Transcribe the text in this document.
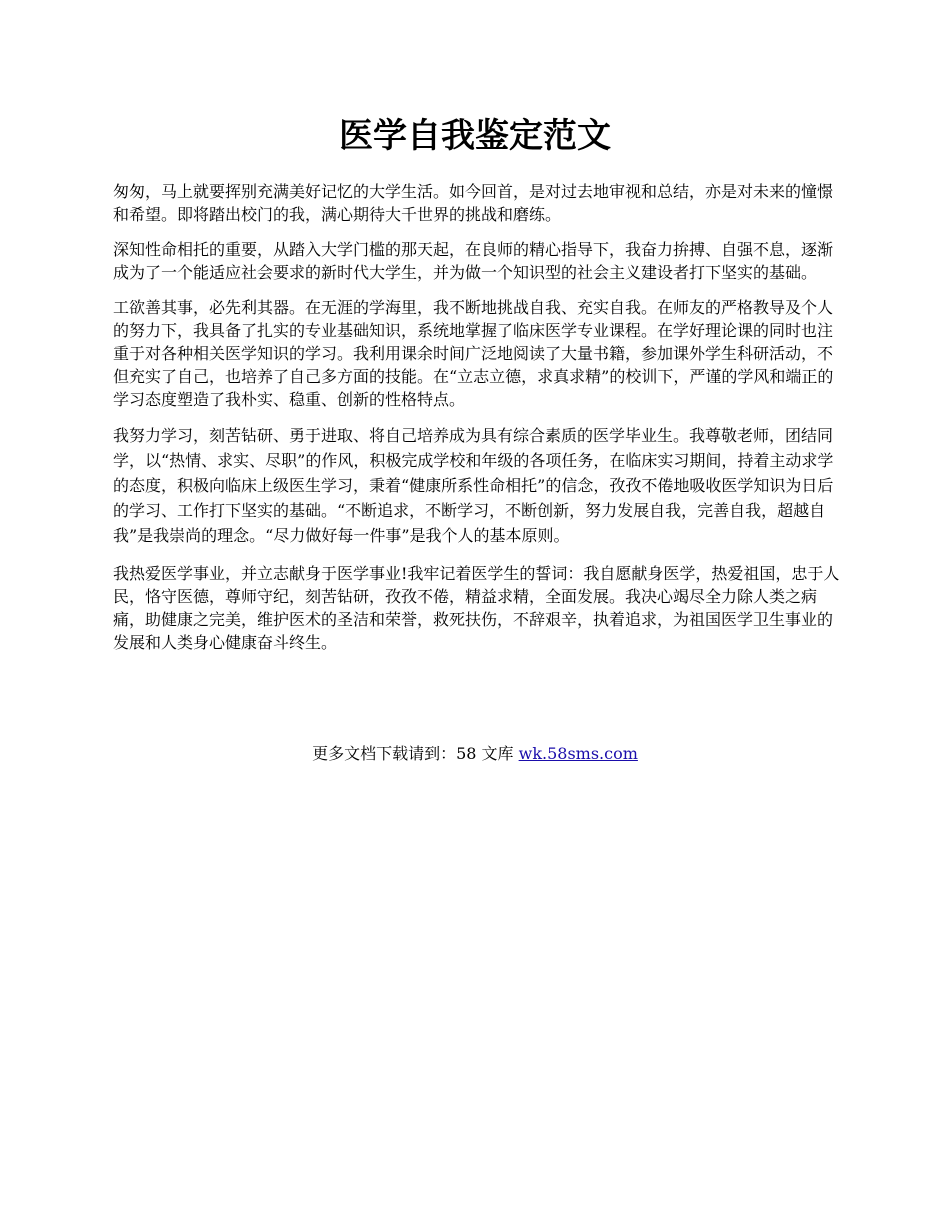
医学自我鉴定范文

匆匆，马上就要挥别充满美好记忆的大学生活。如今回首，是对过去地审视和总结，亦是对未来的憧憬和希望。即将踏出校门的我，满心期待大千世界的挑战和磨练。

深知性命相托的重要，从踏入大学门槛的那天起，在良师的精心指导下，我奋力拚搏、自强不息，逐渐成为了一个能适应社会要求的新时代大学生，并为做一个知识型的社会主义建设者打下坚实的基础。

工欲善其事，必先利其器。在无涯的学海里，我不断地挑战自我、充实自我。在师友的严格教导及个人的努力下，我具备了扎实的专业基础知识，系统地掌握了临床医学专业课程。在学好理论课的同时也注重于对各种相关医学知识的学习。我利用课余时间广泛地阅读了大量书籍，参加课外学生科研活动，不但充实了自己，也培养了自己多方面的技能。在“立志立德，求真求精”的校训下，严谨的学风和端正的学习态度塑造了我朴实、稳重、创新的性格特点。

我努力学习，刻苦钻研、勇于进取、将自己培养成为具有综合素质的医学毕业生。我尊敬老师，团结同学，以“热情、求实、尽职”的作风，积极完成学校和年级的各项任务，在临床实习期间，持着主动求学的态度，积极向临床上级医生学习，秉着“健康所系性命相托”的信念，孜孜不倦地吸收医学知识为日后的学习、工作打下坚实的基础。“不断追求，不断学习，不断创新，努力发展自我，完善自我，超越自我”是我崇尚的理念。“尽力做好每一件事”是我个人的基本原则。

我热爱医学事业，并立志献身于医学事业!我牢记着医学生的誓词：我自愿献身医学，热爱祖国，忠于人民，恪守医德，尊师守纪，刻苦钻研，孜孜不倦，精益求精，全面发展。我决心竭尽全力除人类之病痛，助健康之完美，维护医术的圣洁和荣誉，救死扶伤，不辞艰辛，执着追求，为祖国医学卫生事业的发展和人类身心健康奋斗终生。

更多文档下载请到：58 文库 wk.58sms.com
